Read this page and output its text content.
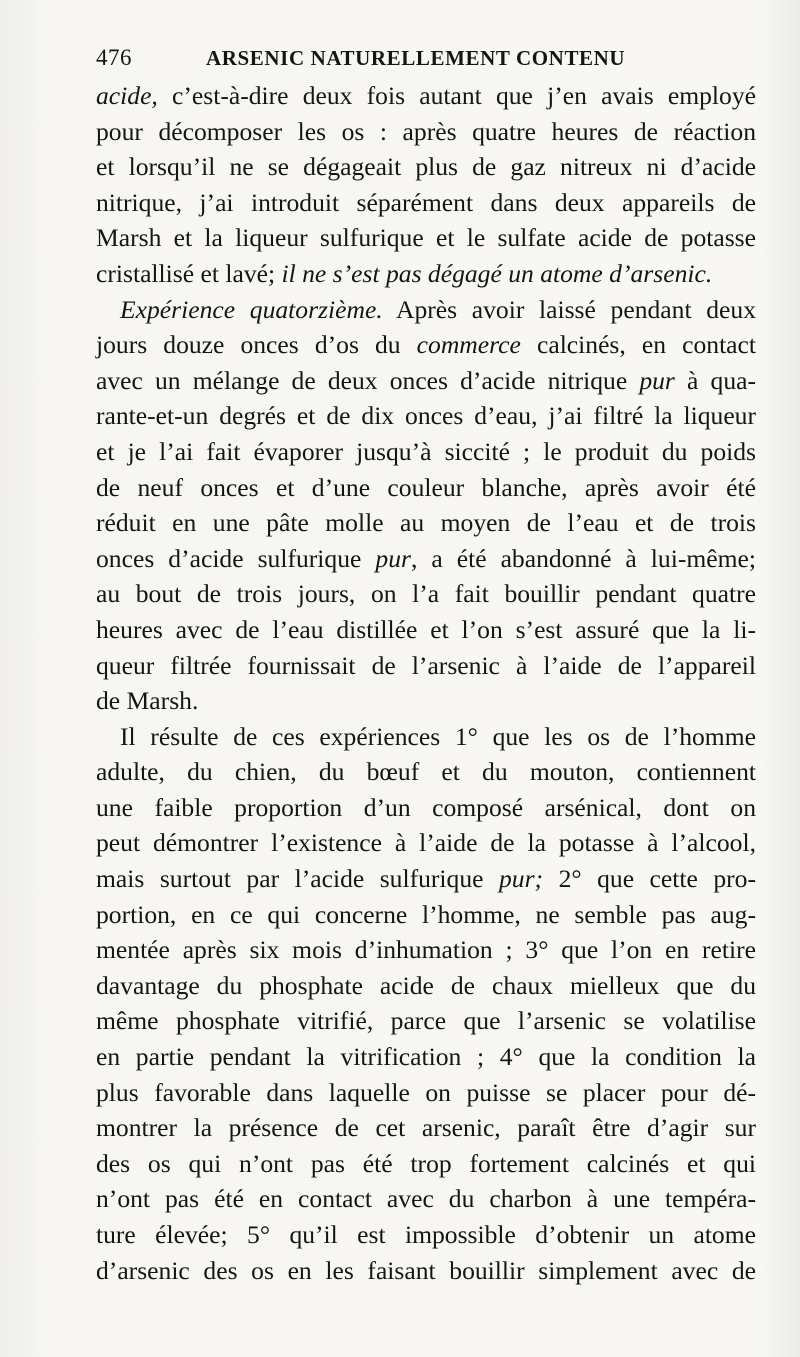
476	ARSENIC NATURELLEMENT CONTENU
acide, c’est-à-dire deux fois autant que j’en avais employé
pour décomposer les os : après quatre heures de réaction
et lorsqu’il ne se dégageait plus de gaz nitreux ni d’acide
nitrique, j’ai introduit séparément dans deux appareils de
Marsh et la liqueur sulfurique et le sulfate acide de potasse
cristallisé et lavé; il ne s’est pas dégagé un atome d’arsenic.
Expérience quatorzième. Après avoir laissé pendant deux
jours douze onces d’os du commerce calcinés, en contact
avec un mélange de deux onces d’acide nitrique pur à qua-
rante-et-un degrés et de dix onces d’eau, j’ai filtré la liqueur
et je l’ai fait évaporer jusqu’à siccité ; le produit du poids
de neuf onces et d’une couleur blanche, après avoir été
réduit en une pâte molle au moyen de l’eau et de trois
onces d’acide sulfurique pur, a été abandonné à lui-même;
au bout de trois jours, on l’a fait bouillir pendant quatre
heures avec de l’eau distillée et l’on s’est assuré que la li-
queur filtrée fournissait de l’arsenic à l’aide de l’appareil
de Marsh.
Il résulte de ces expériences 1° que les os de l’homme
adulte, du chien, du bœuf et du mouton, contiennent
une faible proportion d’un composé arsénical, dont on
peut démontrer l’existence à l’aide de la potasse à l’alcool,
mais surtout par l’acide sulfurique pur; 2° que cette pro-
portion, en ce qui concerne l’homme, ne semble pas aug-
mentée après six mois d’inhumation ; 3° que l’on en retire
davantage du phosphate acide de chaux mielleux que du
même phosphate vitrifié, parce que l’arsenic se volatilise
en partie pendant la vitrification ; 4° que la condition la
plus favorable dans laquelle on puisse se placer pour dé-
montrer la présence de cet arsenic, paraît être d’agir sur
des os qui n’ont pas été trop fortement calcinés et qui
n’ont pas été en contact avec du charbon à une tempéra-
ture élevée; 5° qu’il est impossible d’obtenir un atome
d’arsenic des os en les faisant bouillir simplement avec de
